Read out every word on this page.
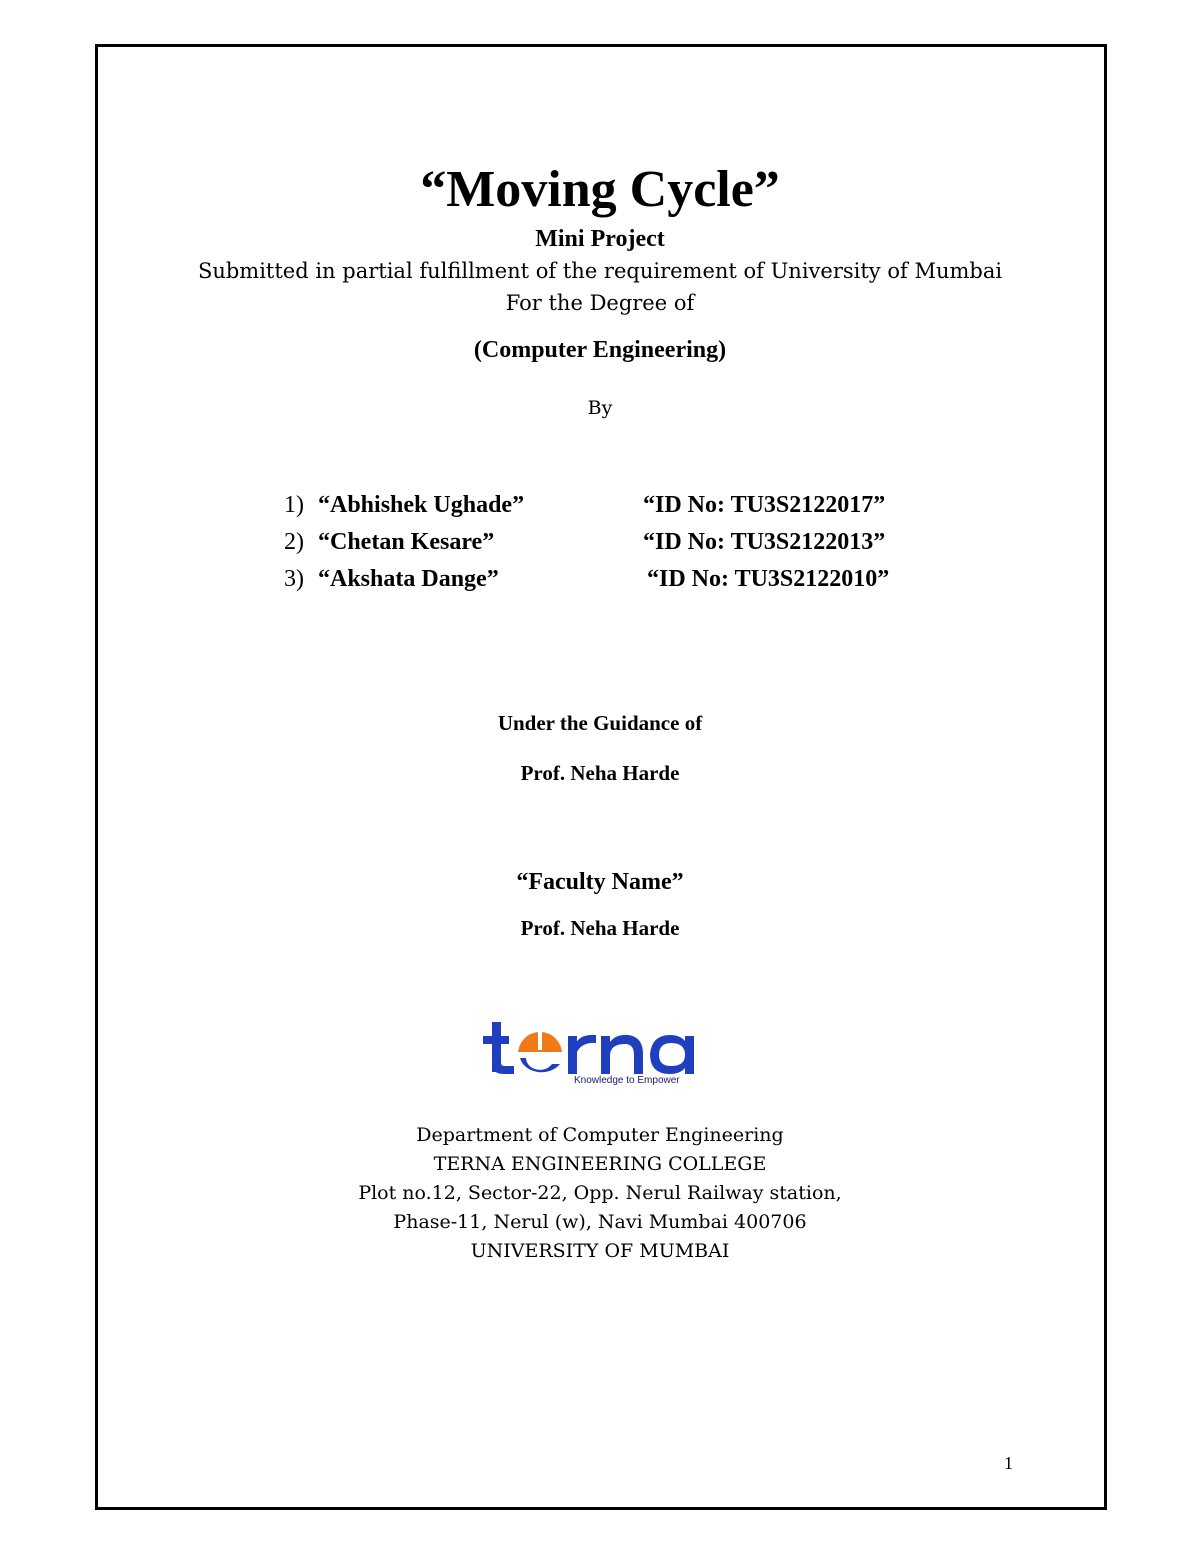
“Moving Cycle”
Mini Project
Submitted in partial fulfillment of the requirement of University of Mumbai
For the Degree of
(Computer Engineering)
By
1) “Abhishek Ughade”	“ID No: TU3S2122017”
2) “Chetan Kesare”	“ID No: TU3S2122013”
3) “Akshata Dange”	“ID No: TU3S2122010”
Under the Guidance of
Prof. Neha Harde
“Faculty Name”
Prof. Neha Harde
Knowledge to Empower
Department of Computer Engineering
TERNA ENGINEERING COLLEGE
Plot no.12, Sector-22, Opp. Nerul Railway station,
Phase-11, Nerul (w), Navi Mumbai 400706
UNIVERSITY OF MUMBAI
1
